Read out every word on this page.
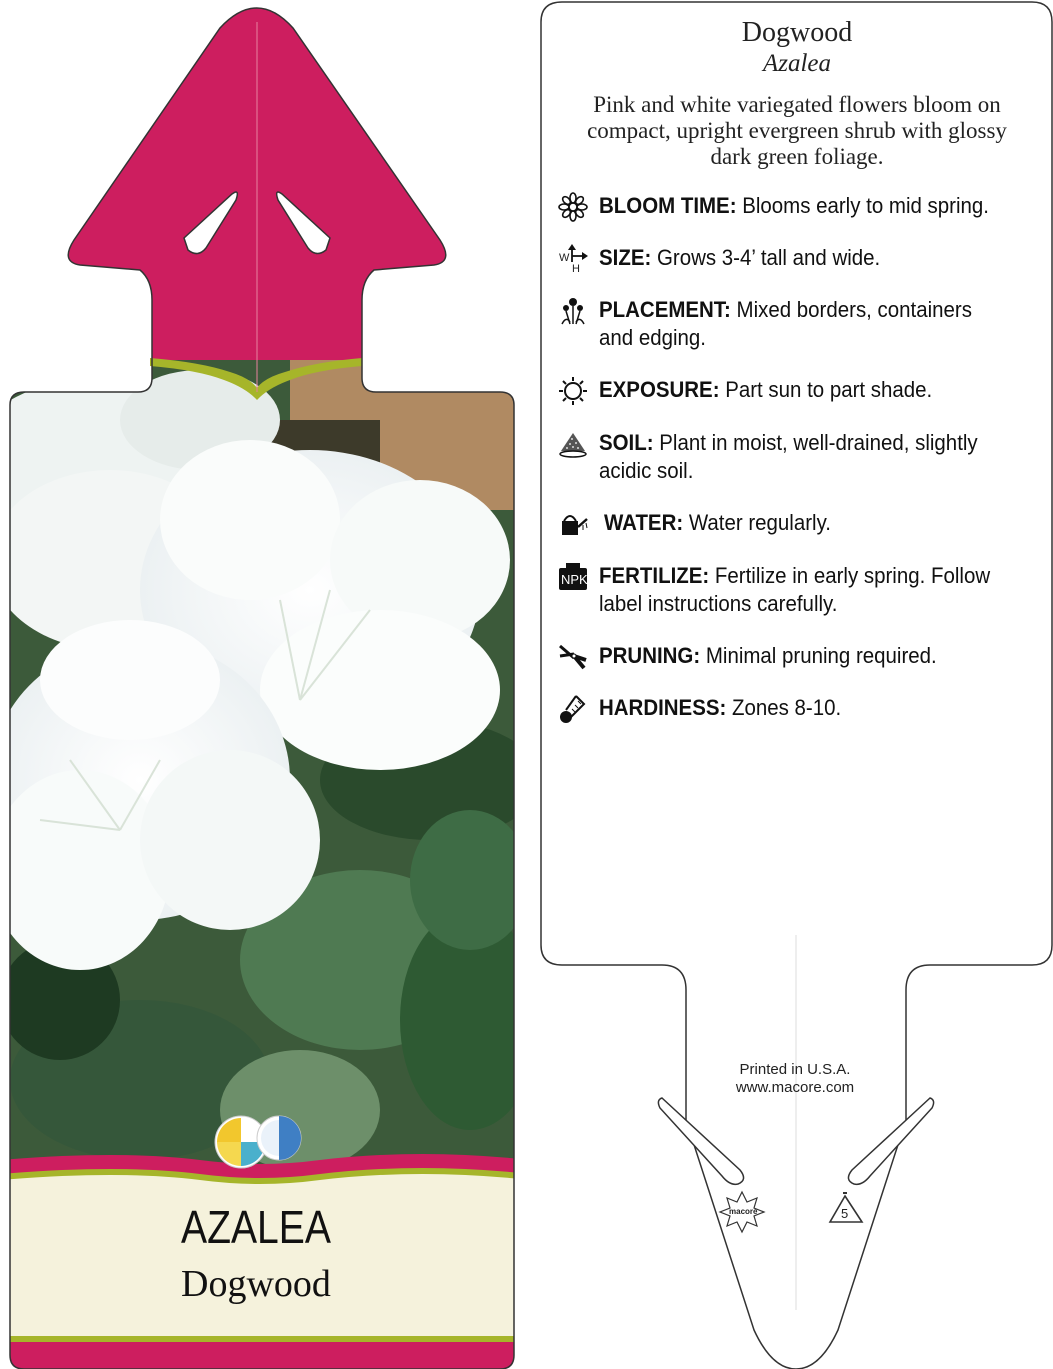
AZALEA
Dogwood
Dogwood
Azalea
Pink and white variegated flowers bloom on compact, upright evergreen shrub with glossy dark green foliage.
BLOOM TIME: Blooms early to mid spring.
W
H SIZE: Grows 3-4’ tall and wide.
PLACEMENT: Mixed borders, containers and edging.
EXPOSURE: Part sun to part shade.
SOIL: Plant in moist, well-drained, slightly acidic soil.
WATER: Water regularly.
NPK FERTILIZE: Fertilize in early spring. Follow label instructions carefully.
PRUNING: Minimal pruning required.
HARDINESS: Zones 8-10.
Printed in U.S.A.
www.macore.com
macore	5
